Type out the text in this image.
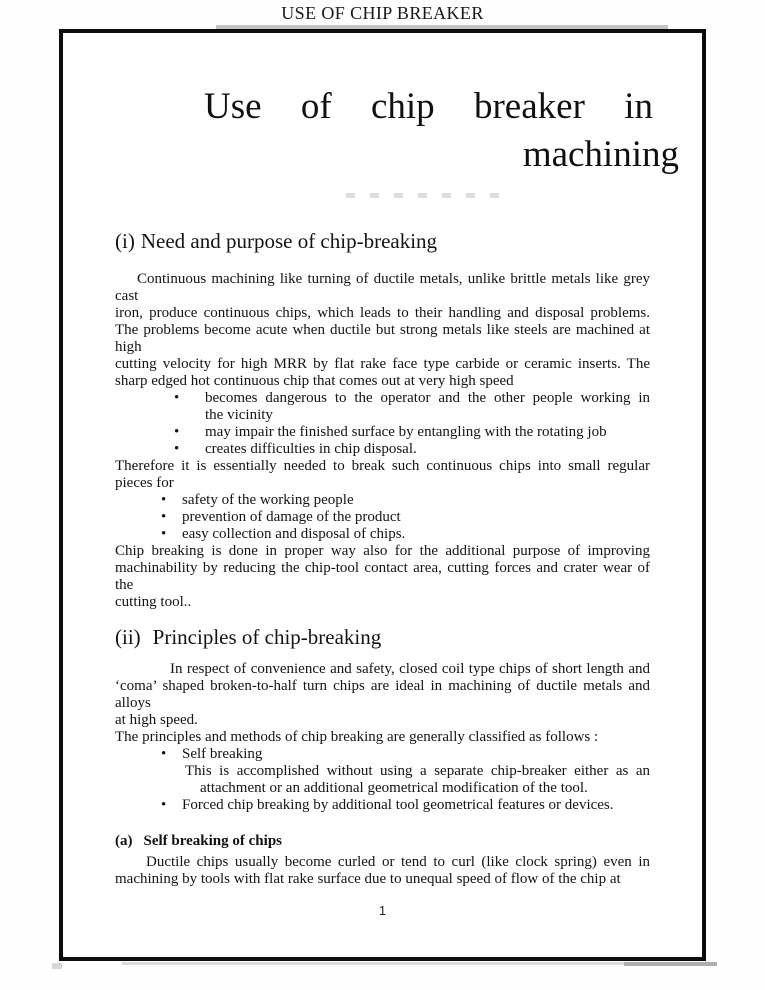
USE OF CHIP BREAKER
Use of chip breaker in
machining
(i) Need and purpose of chip-breaking
Continuous machining like turning of ductile metals, unlike brittle metals like grey cast
iron, produce continuous chips, which leads to their handling and disposal problems.
The problems become acute when ductile but strong metals like steels are machined at high
cutting velocity for high MRR by flat rake face type carbide or ceramic inserts. The
sharp edged hot continuous chip that comes out at very high speed
•	becomes dangerous to the operator and the other people working in
the vicinity
•	may impair the finished surface by entangling with the rotating job
•	creates difficulties in chip disposal.
Therefore it is essentially needed to break such continuous chips into small regular
pieces for
•	safety of the working people
•	prevention of damage of the product
•	easy collection and disposal of chips.
Chip breaking is done in proper way also for the additional purpose of improving
machinability by reducing the chip-tool contact area, cutting forces and crater wear of the
cutting tool..
(ii) Principles of chip-breaking
In respect of convenience and safety, closed coil type chips of short length and
‘coma’ shaped broken-to-half turn chips are ideal in machining of ductile metals and alloys
at high speed.
The principles and methods of chip breaking are generally classified as follows :
•	Self breaking
This is accomplished without using a separate chip-breaker either as an
attachment or an additional geometrical modification of the tool.
•	Forced chip breaking by additional tool geometrical features or devices.
(a) Self breaking of chips
Ductile chips usually become curled or tend to curl (like clock spring) even in
machining by tools with flat rake surface due to unequal speed of flow of the chip at
1
